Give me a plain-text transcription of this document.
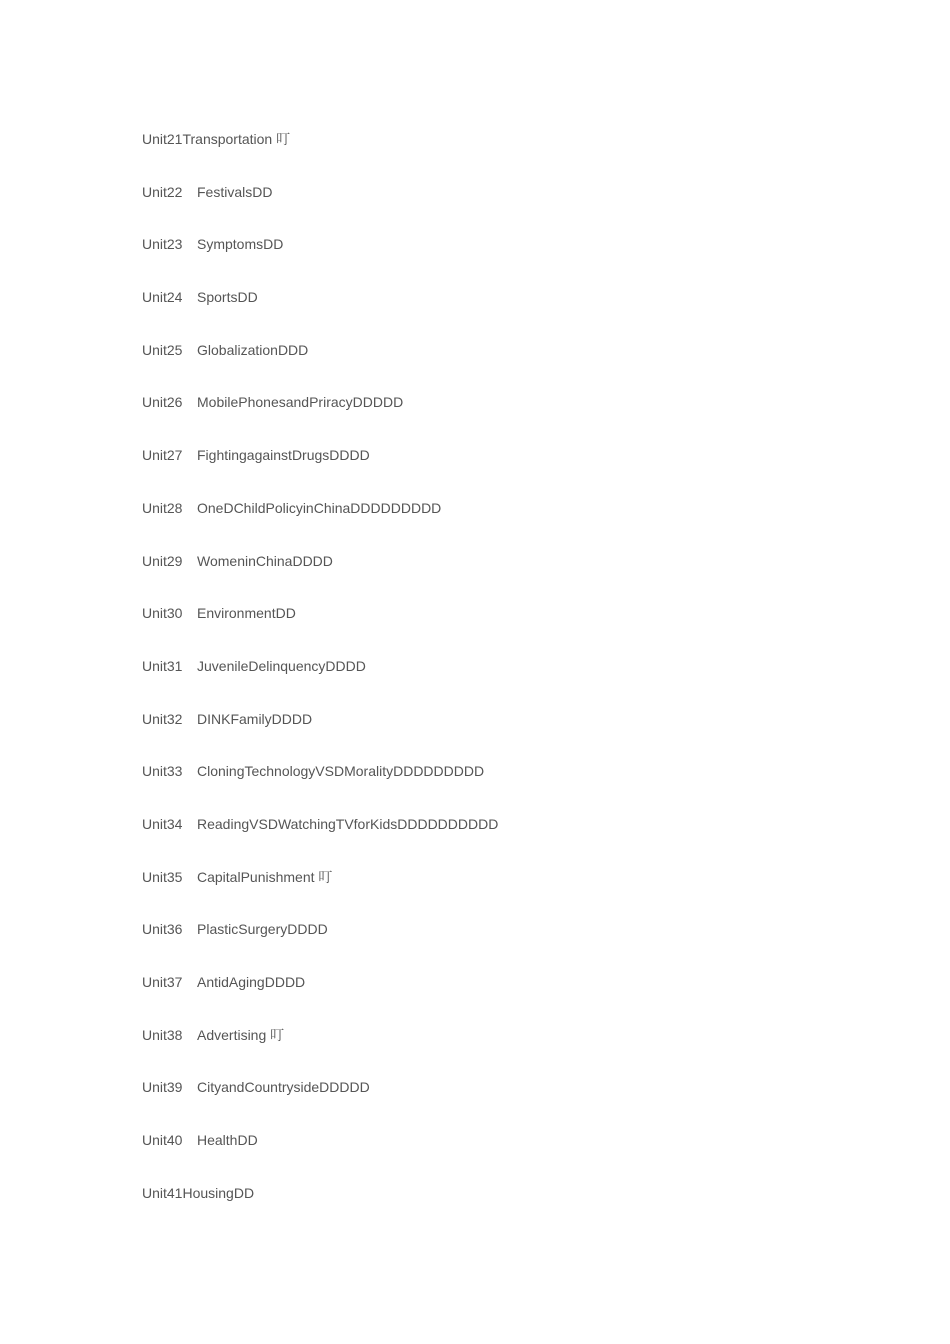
Unit21 Transportation 叮
Unit22	FestivalsDD
Unit23	SymptomsDD
Unit24	SportsDD
Unit25	GlobalizationDDD
Unit26	MobilePhonesandPriracyDDDDD
Unit27	FightingagainstDrugsDDDD
Unit28	OneDChildPolicyinChinaDDDDDDDDD
Unit29	WomeninChinaDDDD
Unit30	EnvironmentDD
Unit31	JuvenileDelinquencyDDDD
Unit32	DINKFamilyDDDD
Unit33	CloningTechnologyVSDMoralityDDDDDDDDD
Unit34	ReadingVSDWatchingTVforKidsDDDDDDDDDD
Unit35	CapitalPunishment 叮
Unit36	PlasticSurgeryDDDD
Unit37	AntidAgingDDDD
Unit38	Advertising 叮
Unit39	CityandCountrysideDDDDD
Unit40	HealthDD
Unit41 HousingDD
